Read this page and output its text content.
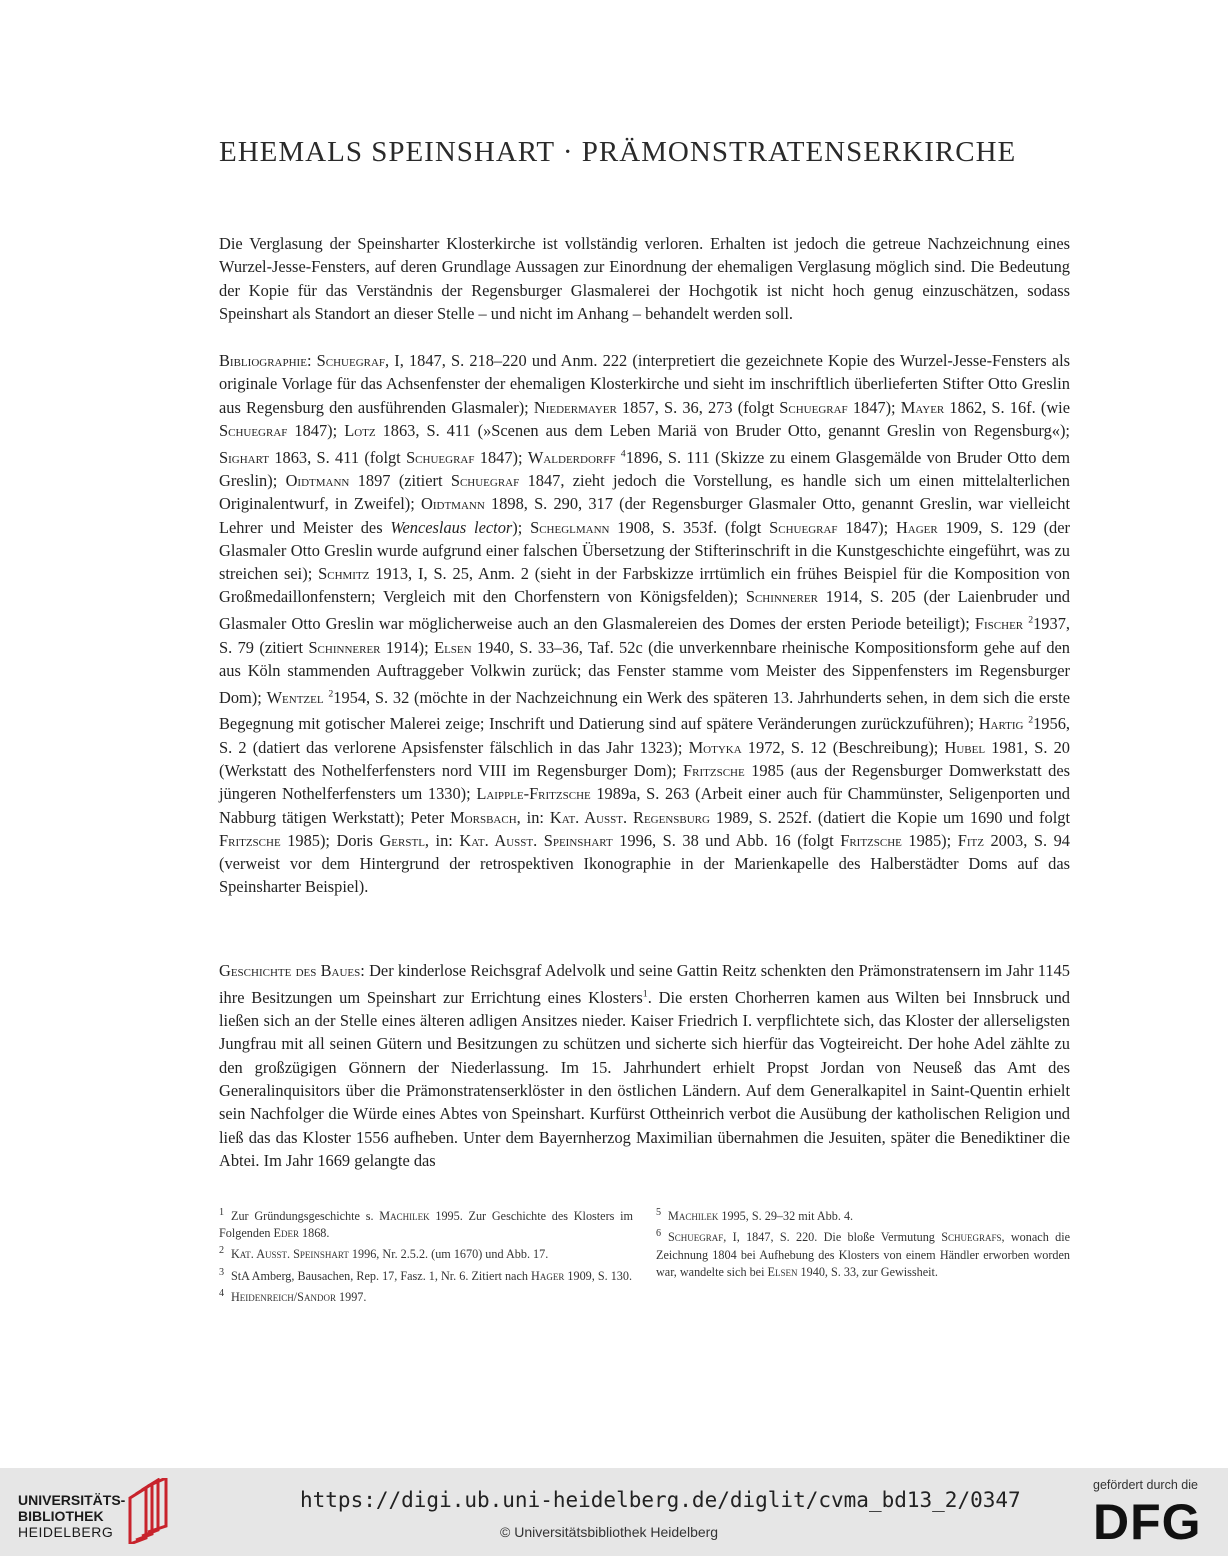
EHEMALS SPEINSHART · PRÄMONSTRATENSERKIRCHE
Die Verglasung der Speinsharter Klosterkirche ist vollständig verloren. Erhalten ist jedoch die getreue Nachzeichnung eines Wurzel-Jesse-Fensters, auf deren Grundlage Aussagen zur Einordnung der ehemaligen Verglasung möglich sind. Die Bedeutung der Kopie für das Verständnis der Regensburger Glasmalerei der Hochgotik ist nicht hoch genug einzuschätzen, sodass Speinshart als Standort an dieser Stelle – und nicht im Anhang – behandelt werden soll.
Bibliographie: Schuegraf, I, 1847, S. 218–220 und Anm. 222 (interpretiert die gezeichnete Kopie des Wurzel-Jesse-Fensters als originale Vorlage für das Achsenfenster der ehemaligen Klosterkirche und sieht im inschriftlich überlieferten Stifter Otto Greslin aus Regensburg den ausführenden Glasmaler); Niedermayer 1857, S. 36, 273 (folgt Schuegraf 1847); Mayer 1862, S. 16f. (wie Schuegraf 1847); Lotz 1863, S. 411 (»Scenen aus dem Leben Mariä von Bruder Otto, genannt Greslin von Regensburg«); Sighart 1863, S. 411 (folgt Schuegraf 1847); Walderdorff $^4$1896, S. 111 (Skizze zu einem Glasgemälde von Bruder Otto dem Greslin); Oidtmann 1897 (zitiert Schuegraf 1847, zieht jedoch die Vorstellung, es handle sich um einen mittelalterlichen Originalentwurf, in Zweifel); Oidtmann 1898, S. 290, 317 (der Regensburger Glasmaler Otto, genannt Greslin, war vielleicht Lehrer und Meister des Wenceslaus lector); Scheglmann 1908, S. 353f. (folgt Schuegraf 1847); Hager 1909, S. 129 (der Glasmaler Otto Greslin wurde aufgrund einer falschen Übersetzung der Stifterinschrift in die Kunstgeschichte eingeführt, was zu streichen sei); Schmitz 1913, I, S. 25, Anm. 2 (sieht in der Farbskizze irrtümlich ein frühes Beispiel für die Komposition von Großmedaillonfenstern; Vergleich mit den Chorfenstern von Königsfelden); Schinnerer 1914, S. 205 (der Laienbruder und Glasmaler Otto Greslin war möglicherweise auch an den Glasmalereien des Domes der ersten Periode beteiligt); Fischer $^2$1937, S. 79 (zitiert Schinnerer 1914); Elsen 1940, S. 33–36, Taf. 52c (die unverkennbare rheinische Kompositionsform gehe auf den aus Köln stammenden Auftraggeber Volkwin zurück; das Fenster stamme vom Meister des Sippenfensters im Regensburger Dom); Wentzel $^2$1954, S. 32 (möchte in der Nachzeichnung ein Werk des späteren 13. Jahrhunderts sehen, in dem sich die erste Begegnung mit gotischer Malerei zeige; Inschrift und Datierung sind auf spätere Veränderungen zurückzuführen); Hartig $^2$1956, S. 2 (datiert das verlorene Apsisfenster fälschlich in das Jahr 1323); Motyka 1972, S. 12 (Beschreibung); Hubel 1981, S. 20 (Werkstatt des Nothelferfensters nord VIII im Regensburger Dom); Fritzsche 1985 (aus der Regensburger Domwerkstatt des jüngeren Nothelferfensters um 1330); Laipple-Fritzsche 1989a, S. 263 (Arbeit einer auch für Chammünster, Seligenporten und Nabburg tätigen Werkstatt); Peter Morsbach, in: Kat. Ausst. Regensburg 1989, S. 252f. (datiert die Kopie um 1690 und folgt Fritzsche 1985); Doris Gerstl, in: Kat. Ausst. Speinshart 1996, S. 38 und Abb. 16 (folgt Fritzsche 1985); Fitz 2003, S. 94 (verweist vor dem Hintergrund der retrospektiven Ikonographie in der Marienkapelle des Halberstädter Doms auf das Speinsharter Beispiel).
Geschichte des Baues: Der kinderlose Reichsgraf Adelvolk und seine Gattin Reitz schenkten den Prämonstratensern im Jahr 1145 ihre Besitzungen um Speinshart zur Errichtung eines Klosters$^1$. Die ersten Chorherren kamen aus Wilten bei Innsbruck und ließen sich an der Stelle eines älteren adligen Ansitzes nieder. Kaiser Friedrich I. verpflichtete sich, das Kloster der allerseligsten Jungfrau mit all seinen Gütern und Besitzungen zu schützen und sicherte sich hierfür das Vogteireicht. Der hohe Adel zählte zu den großzügigen Gönnern der Niederlassung. Im 15. Jahrhundert erhielt Propst Jordan von Neuseß das Amt des Generalinquisitors über die Prämonstratenserklöster in den östlichen Ländern. Auf dem Generalkapitel in Saint-Quentin erhielt sein Nachfolger die Würde eines Abtes von Speinshart. Kurfürst Ottheinrich verbot die Ausübung der katholischen Religion und ließ das das Kloster 1556 aufheben. Unter dem Bayernherzog Maximilian übernahmen die Jesuiten, später die Benediktiner die Abtei. Im Jahr 1669 gelangte das

$^1$ Zur Gründungsgeschichte s. Machilek 1995. Zur Geschichte des Klosters im Folgenden Eder 1868.

$^2$ Kat. Ausst. Speinshart 1996, Nr. 2.5.2. (um 1670) und Abb. 17.

$^3$ StA Amberg, Bausachen, Rep. 17, Fasz. 1, Nr. 6. Zitiert nach Hager 1909, S. 130.

$^4$ Heidenreich/Sandor 1997.

$^5$ Machilek 1995, S. 29–32 mit Abb. 4.

$^6$ Schuegraf, I, 1847, S. 220. Die bloße Vermutung Schuegrafs, wonach die Zeichnung 1804 bei Aufhebung des Klosters von einem Händler erworben worden war, wandelte sich bei Elsen 1940, S. 33, zur Gewissheit.

UNIVERSITÄTS-
BIBLIOTHEK
HEIDELBERG
https://digi.ub.uni-heidelberg.de/diglit/cvma_bd13_2/0347
© Universitätsbibliothek Heidelberg
gefördert durch die
DFG
